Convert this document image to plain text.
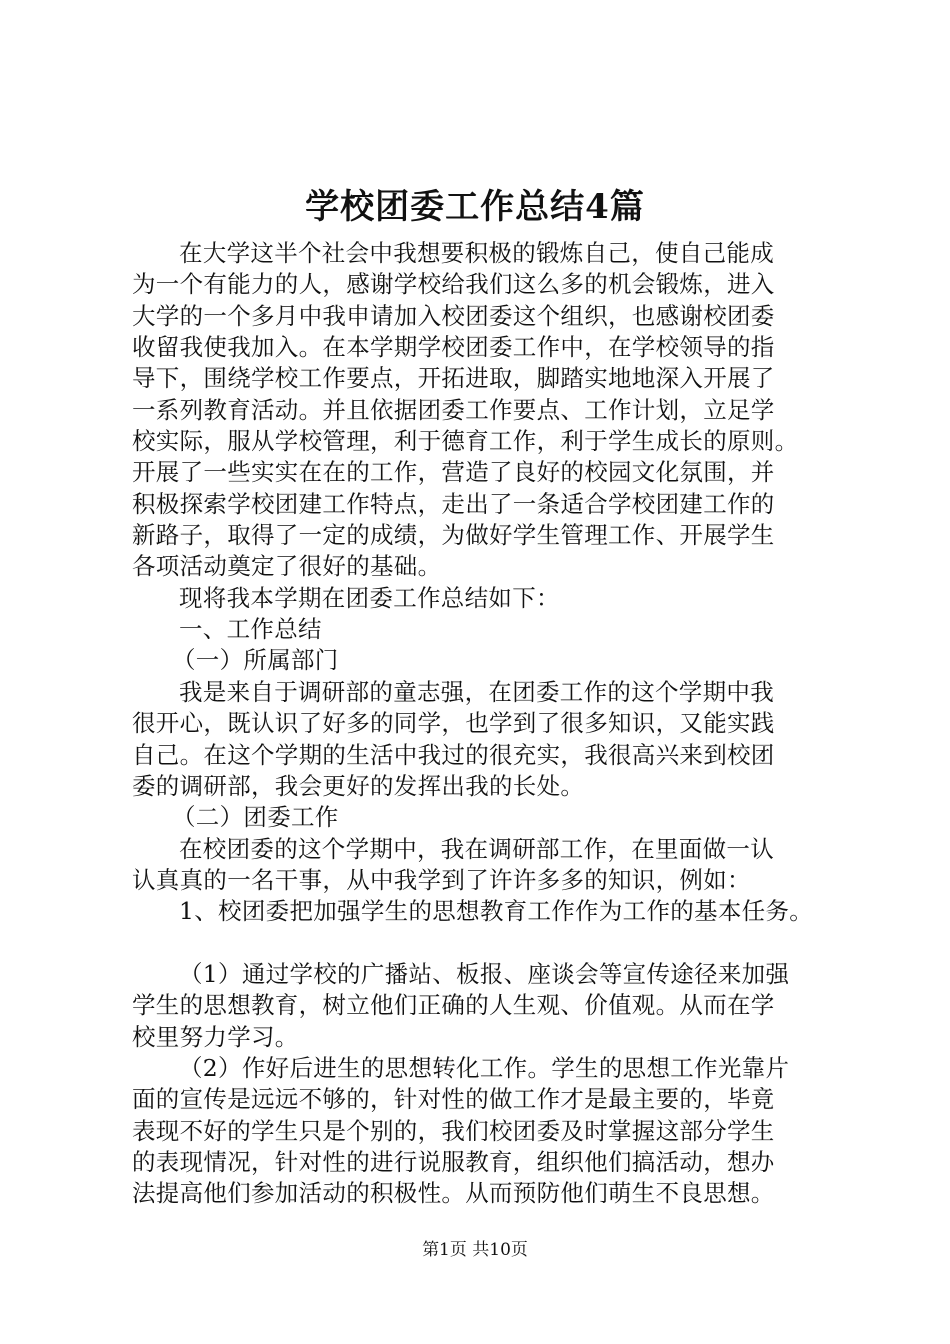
学校团委工作总结4篇
在大学这半个社会中我想要积极的锻炼自己，使自己能成
为一个有能力的人，感谢学校给我们这么多的机会锻炼，进入
大学的一个多月中我申请加入校团委这个组织，也感谢校团委
收留我使我加入。在本学期学校团委工作中，在学校领导的指
导下，围绕学校工作要点，开拓进取，脚踏实地地深入开展了
一系列教育活动。并且依据团委工作要点、工作计划，立足学
校实际，服从学校管理，利于德育工作，利于学生成长的原则。
开展了一些实实在在的工作，营造了良好的校园文化氛围，并
积极探索学校团建工作特点，走出了一条适合学校团建工作的
新路子，取得了一定的成绩，为做好学生管理工作、开展学生
各项活动奠定了很好的基础。
现将我本学期在团委工作总结如下：
一、工作总结
（一）所属部门
我是来自于调研部的童志强，在团委工作的这个学期中我
很开心，既认识了好多的同学，也学到了很多知识，又能实践
自己。在这个学期的生活中我过的很充实，我很高兴来到校团
委的调研部，我会更好的发挥出我的长处。
（二）团委工作
在校团委的这个学期中，我在调研部工作，在里面做一认
认真真的一名干事，从中我学到了许许多多的知识，例如：
1、校团委把加强学生的思想教育工作作为工作的基本任务。
（1）通过学校的广播站、板报、座谈会等宣传途径来加强
学生的思想教育，树立他们正确的人生观、价值观。从而在学
校里努力学习。
（2）作好后进生的思想转化工作。学生的思想工作光靠片
面的宣传是远远不够的，针对性的做工作才是最主要的，毕竟
表现不好的学生只是个别的，我们校团委及时掌握这部分学生
的表现情况，针对性的进行说服教育，组织他们搞活动，想办
法提高他们参加活动的积极性。从而预防他们萌生不良思想。
第1页 共10页
